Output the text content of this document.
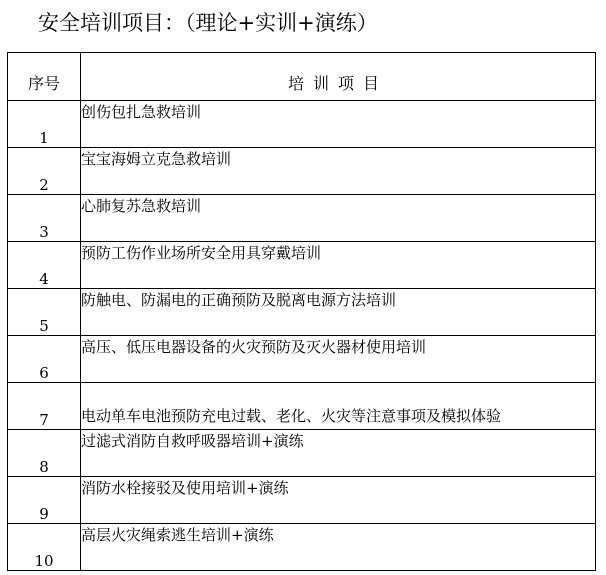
安全培训项目：（理论+实训+演练）
序号	培训项目
1	创伤包扎急救培训
2	宝宝海姆立克急救培训
3	心肺复苏急救培训
4	预防工伤作业场所安全用具穿戴培训
5	防触电、防漏电的正确预防及脱离电源方法培训
6	高压、低压电器设备的火灾预防及灭火器材使用培训
7	电动单车电池预防充电过载、老化、火灾等注意事项及模拟体验
8	过滤式消防自救呼吸器培训+演练
9	消防水栓接驳及使用培训+演练
10	高层火灾绳索逃生培训+演练
